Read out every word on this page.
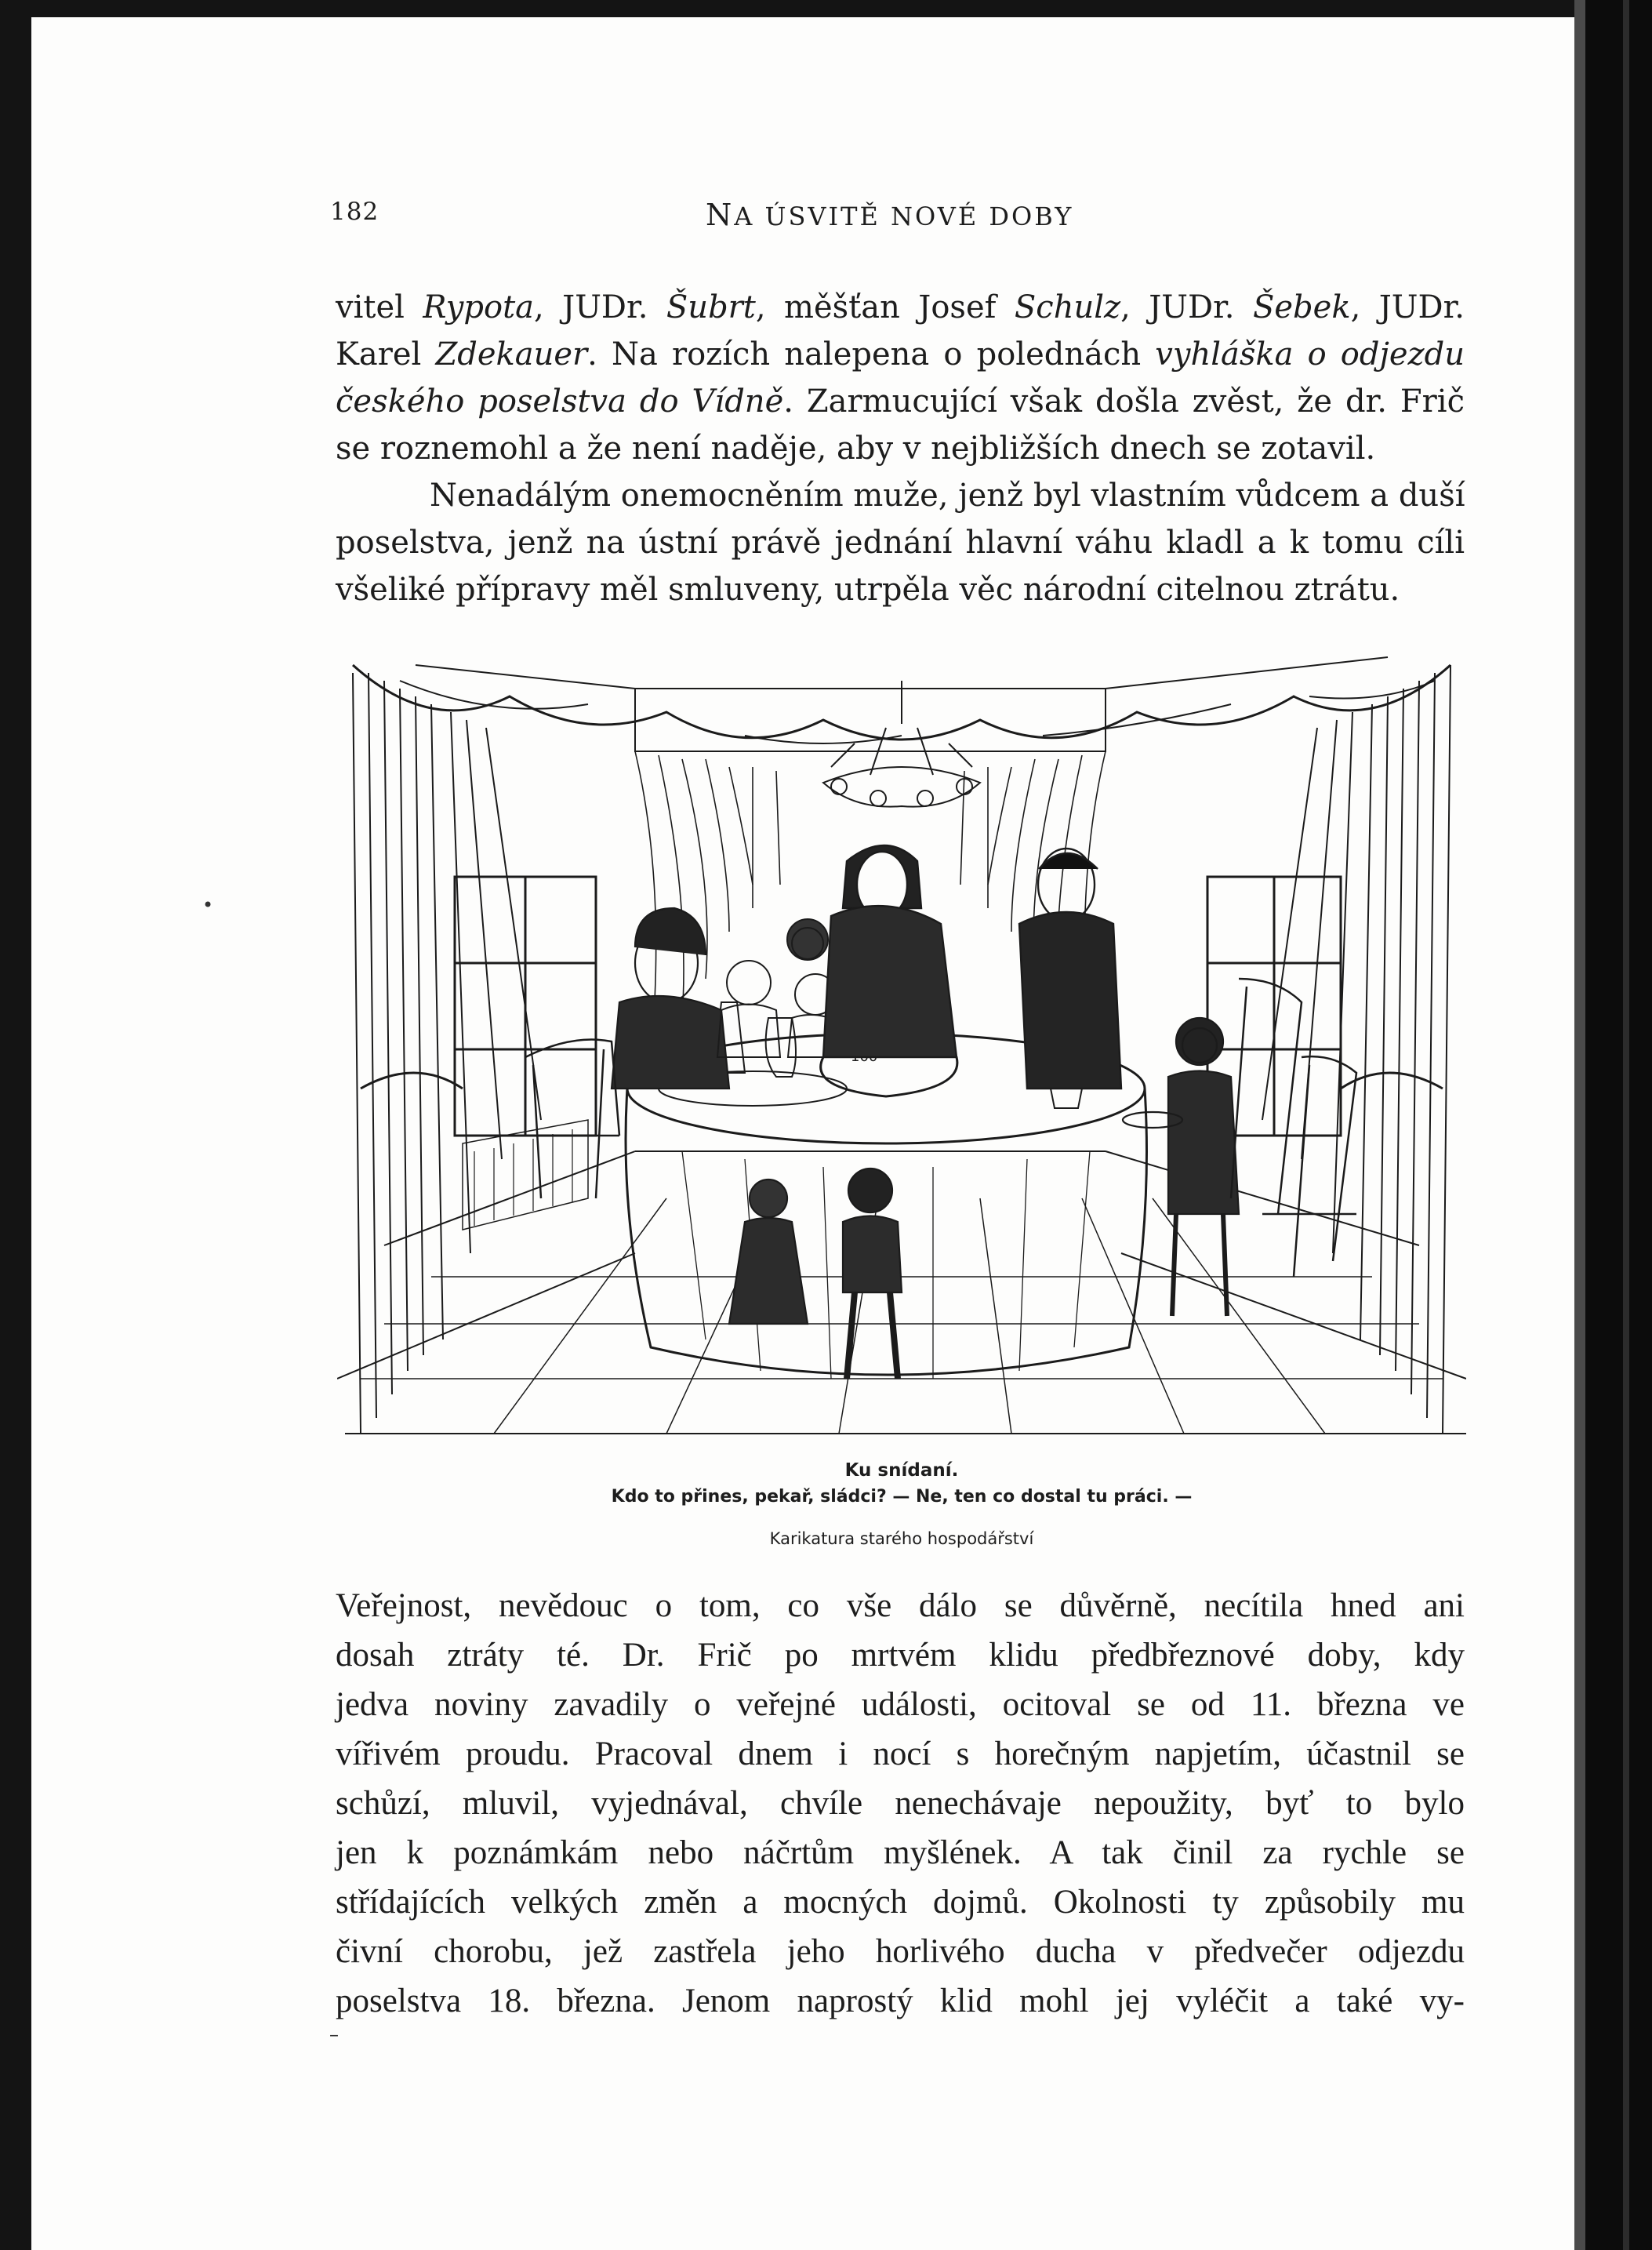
182	NA ÚSVITĚ NOVÉ DOBY
vitel Rypota, JUDr. Šubrt, měšťan Josef Schulz, JUDr. Šebek, JUDr.
Karel Zdekauer. Na rozích nalepena o polednách vyhláška o odjezdu
českého poselstva do Vídně. Zarmucující však došla zvěst, že dr. Frič
se roznemohl a že není naděje, aby v nejbližších dnech se zotavil.
Nenadálým onemocněním muže, jenž byl vlastním vůdcem a duší
poselstva, jenž na ústní právě jednání hlavní váhu kladl a k tomu cíli
všeliké přípravy měl smluveny, utrpěla věc národní citelnou ztrátu.
Ku snídaní.
Kdo to přines, pekař, sládci? — Ne, ten co dostal tu práci. —
Karikatura starého hospodářství
Veřejnost, nevědouc o tom, co vše dálo se důvěrně, necítila hned ani
dosah ztráty té. Dr. Frič po mrtvém klidu předbřeznové doby, kdy
jedva noviny zavadily o veřejné události, ocitoval se od 11. března ve
vířivém proudu. Pracoval dnem i nocí s horečným napjetím, účastnil se
schůzí, mluvil, vyjednával, chvíle nenechávaje nepoužity, byť to bylo
jen k poznámkám nebo náčrtům myšlének. A tak činil za rychle se
střídajících velkých změn a mocných dojmů. Okolnosti ty způsobily mu
čivní chorobu, jež zastřela jeho horlivého ducha v předvečer odjezdu
poselstva 18. března. Jenom naprostý klid mohl jej vyléčit a také vy-
•
–
